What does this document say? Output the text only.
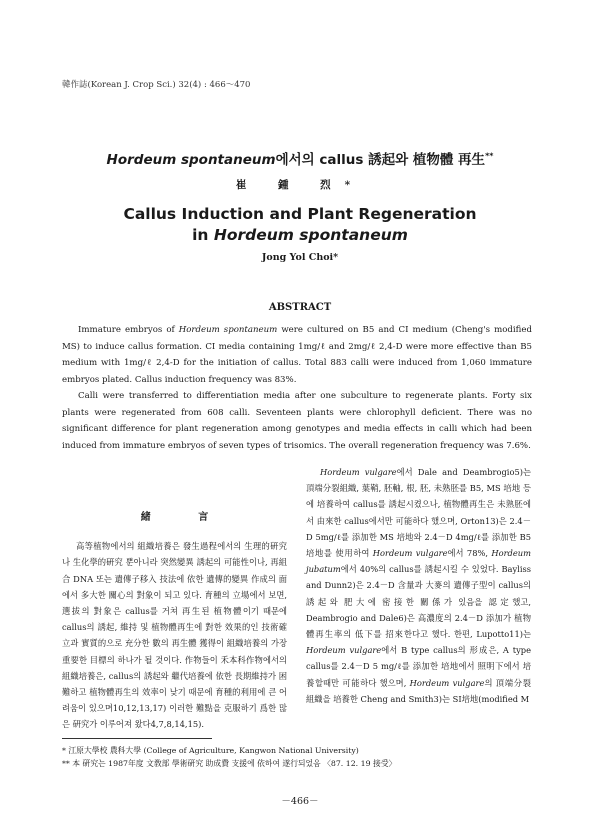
韓作誌(Korean J. Crop Sci.) 32(4) : 466～470
Hordeum spontaneum에서의 callus 誘起와 植物體 再生**
崔 鍾 烈*
Callus Induction and Plant Regeneration
in Hordeum spontaneum
Jong Yol Choi*
ABSTRACT

Immature embryos of Hordeum spontaneum were cultured on B5 and CI medium (Cheng's modified MS) to induce callus formation. CI media containing 1mg/ℓ and 2mg/ℓ 2,4-D were more effective than B5 medium with 1mg/ℓ 2,4-D for the initiation of callus. Total 883 calli were induced from 1,060 immature embryos plated. Callus induction frequency was 83%.

Calli were transferred to differentiation media after one subculture to regenerate plants. Forty six plants were regenerated from 608 calli. Seventeen plants were chlorophyll deficient. There was no significant difference for plant regeneration among genotypes and media effects in calli which had been induced from immature embryos of seven types of trisomics. The overall regeneration frequency was 7.6%.

緒 言

高等植物에서의 組織培養은 發生過程에서의 生理的硏究나 生化學的硏究 뿐아니라 突然變異 誘起의 可能性이나, 再組合 DNA 또는 遺傳子移入 技法에 依한 遺傳的變異 作成의 面에서 多大한 關心의 對象이 되고 있다. 育種의 立場에서 보면, 選拔의 對象은 callus를 거쳐 再生된 植物體이기 때문에 callus의 誘起, 維持 및 植物體再生에 對한 效果的인 技術確立과 實質的으로 充分한 數의 再生體 獲得이 組織培養의 가장 重要한 目標의 하나가 될 것이다. 作物들이 禾本科作物에서의 組織培養은, callus의 誘起와 繼代培養에 依한 長期維持가 困難하고 植物體再生의 效率이 낮기 때문에 育種的利用에 큰 어려움이 있으며10,12,13,17) 이러한 難點을 克服하기 爲한 많은 硏究가 이루어져 왔다4,7,8,14,15).

Hordeum vulgare에서 Dale and Deambrogio5)는 頂端分裂組織, 葉鞘, 胚軸, 根, 胚, 未熟胚를 B5, MS 培地 등에 培養하여 callus를 誘起시켰으나, 植物體再生은 未熟胚에서 由來한 callus에서만 可能하다 했으며, Orton13)은 2.4－D 5mg/ℓ를 添加한 MS 培地와 2.4－D 4mg/ℓ를 添加한 B5培地를 使用하여 Hordeum vulgare에서 78%, Hordeum jubatum에서 40%의 callus를 誘起시킬 수 있었다. Bayliss and Dunn2)은 2.4－D 含量과 大麥의 遺傳子型이 callus의 誘起와 肥大에 密接한 關係가 있음을 認定했고, Deambrogio and Dale6)은 高濃度의 2.4－D 添加가 植物體再生率의 低下를 招來한다고 했다. 한편, Lupotto11)는 Hordeum vulgare에서 B type callus의 形成은, A type callus를 2.4－D 5 mg/ℓ를 添加한 培地에서 照明下에서 培養할때만 可能하다 했으며, Hordeum vulgare의 頂端分裂組織을 培養한 Cheng and Smith3)는 SI培地(modified M

* 江原大學校 農科大學 (College of Agriculture, Kangwon National University)
** 本 硏究는 1987年度 文敎部 學術硏究 助成費 支援에 依하여 遂行되었음 〈87. 12. 19 接受〉
－466－
